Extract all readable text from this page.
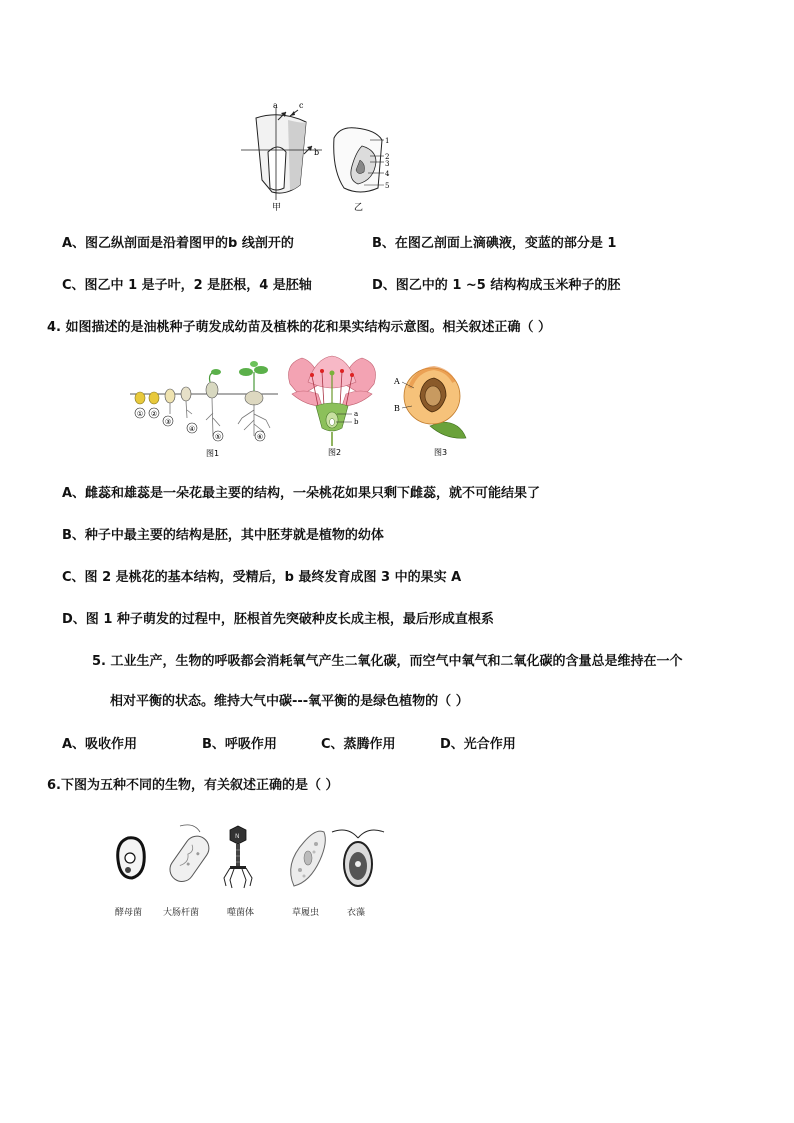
a	c
b
1
2
3
4
5
甲	乙
A、图乙纵剖面是沿着图甲的b 线剖开的	B、在图乙剖面上滴碘液，变蓝的部分是 1
C、图乙中 1 是子叶，2 是胚根，4 是胚轴	D、图乙中的 1 ~5 结构构成玉米种子的胚
4. 如图描述的是油桃种子萌发成幼苗及植株的花和果实结构示意图。相关叙述正确（ ）
① ②
③
④
⑤	⑥
图1
a
b
图2
A
B
图3
A、雌蕊和雄蕊是一朵花最主要的结构，一朵桃花如果只剩下雌蕊，就不可能结果了
B、种子中最主要的结构是胚，其中胚芽就是植物的幼体
C、图 2 是桃花的基本结构，受精后，b 最终发育成图 3 中的果实 A
D、图 1 种子萌发的过程中，胚根首先突破种皮长成主根，最后形成直根系
5. 工业生产，生物的呼吸都会消耗氧气产生二氧化碳，而空气中氧气和二氧化碳的含量总是维持在一个
相对平衡的状态。维持大气中碳---氧平衡的是绿色植物的（ ）
A、吸收作用	B、呼吸作用	C、蒸腾作用	D、光合作用
6.下图为五种不同的生物，有关叙述正确的是（ ）
N
酵母菌 大肠杆菌	噬菌体	草履虫	衣藻
